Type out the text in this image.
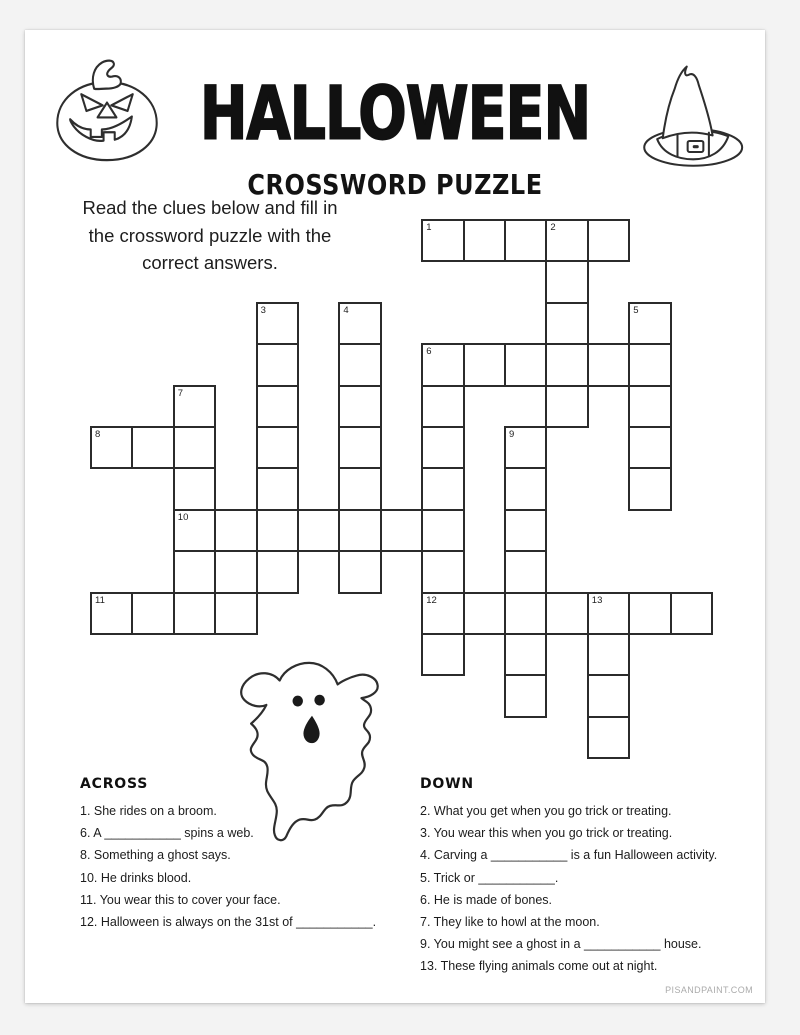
HALLOWEEN
CROSSWORD PUZZLE
Read the clues below and fill in
the crossword puzzle with the
correct answers.
1	2
3	4	5
6
12
7
10
8	9
11	13
ACROSS
1. She rides on a broom.
6. A ___________ spins a web.
8. Something a ghost says.
10. He drinks blood.
11. You wear this to cover your face.
12. Halloween is always on the 31st of ___________.
DOWN
2. What you get when you go trick or treating.
3. You wear this when you go trick or treating.
4. Carving a ___________ is a fun Halloween activity.
5. Trick or ___________.
6. He is made of bones.
7. They like to howl at the moon.
9. You might see a ghost in a ___________ house.
13. These flying animals come out at night.
PISANDPAINT.COM
